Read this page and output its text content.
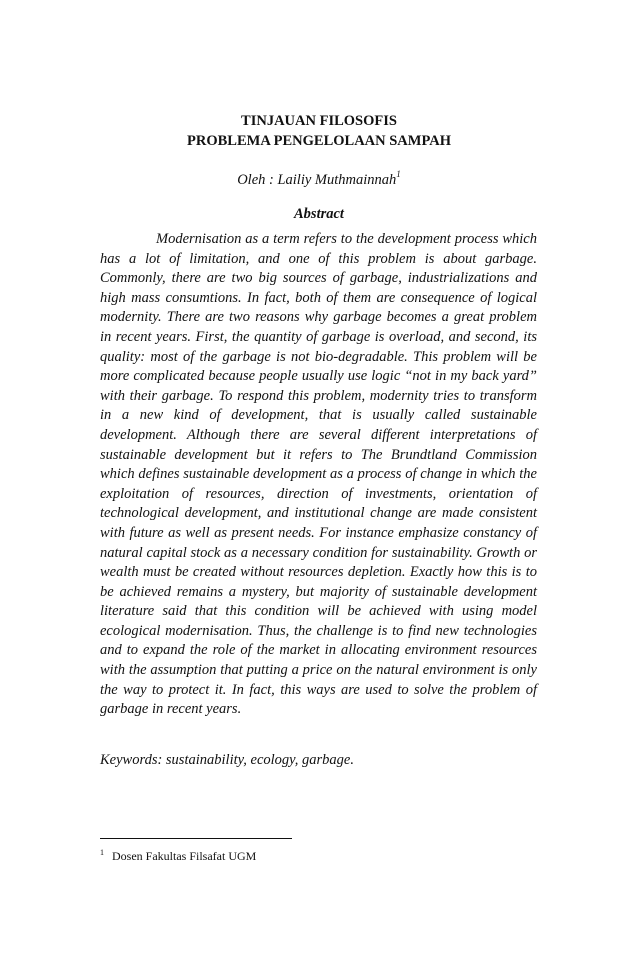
TINJAUAN FILOSOFIS
PROBLEMA PENGELOLAAN SAMPAH
Oleh : Lailiy Muthmainnah$^1$
Abstract

Modernisation as a term refers to the development process which has a lot of limitation, and one of this problem is about garbage. Commonly, there are two big sources of garbage, industrializations and high mass consumtions. In fact, both of them are consequence of logical modernity. There are two reasons why garbage becomes a great problem in recent years. First, the quantity of garbage is overload, and second, its quality: most of the garbage is not bio-degradable. This problem will be more complicated because people usually use logic “not in my back yard” with their garbage. To respond this problem, modernity tries to transform in a new kind of development, that is usually called sustainable development. Although there are several different interpretations of sustainable development but it refers to The Brundtland Commission which defines sustainable development as a process of change in which the exploitation of resources, direction of investments, orientation of technological development, and institutional change are made consistent with future as well as present needs. For instance emphasize constancy of natural capital stock as a necessary condition for sustainability. Growth or wealth must be created without resources depletion. Exactly how this is to be achieved remains a mystery, but majority of sustainable development literature said that this condition will be achieved with using model ecological modernisation. Thus, the challenge is to find new technologies and to expand the role of the market in allocating environment resources with the assumption that putting a price on the natural environment is only the way to protect it. In fact, this ways are used to solve the problem of garbage in recent years.

Keywords: sustainability, ecology, garbage.

$^1$ Dosen Fakultas Filsafat UGM
